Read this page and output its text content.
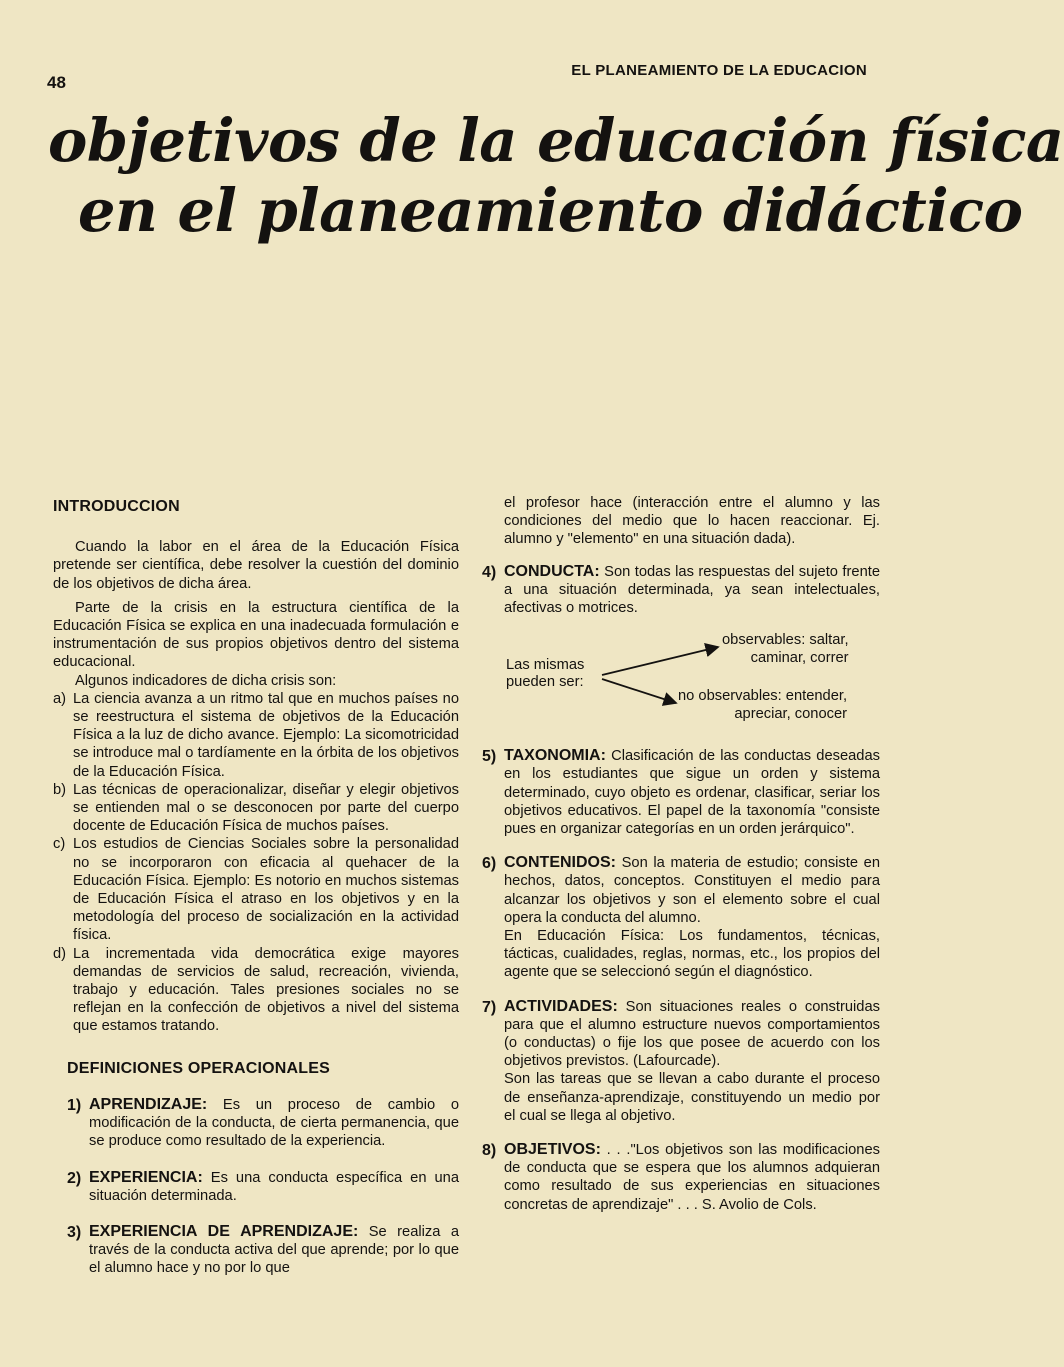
48
EL PLANEAMIENTO DE LA EDUCACION
objetivos de la educación física
en el planeamiento didáctico
INTRODUCCION

Cuando la labor en el área de la Educación Física pretende ser científica, debe resolver la cuestión del dominio de los objetivos de dicha área.

Parte de la crisis en la estructura científica de la Educación Física se explica en una inadecuada formulación e instrumentación de sus propios objetivos dentro del sistema educacional.

Algunos indicadores de dicha crisis son:

a) La ciencia avanza a un ritmo tal que en muchos países no se reestructura el sistema de objetivos de la Educación Física a la luz de dicho avance. Ejemplo: La sicomotricidad se introduce mal o tardíamente en la órbita de los objetivos de la Educación Física.
b) Las técnicas de operacionalizar, diseñar y elegir objetivos se entienden mal o se desconocen por parte del cuerpo docente de Educación Física de muchos países.
c) Los estudios de Ciencias Sociales sobre la personalidad no se incorporaron con eficacia al quehacer de la Educación Física. Ejemplo: Es notorio en muchos sistemas de Educación Física el atraso en los objetivos y en la metodología del proceso de socialización en la actividad física.
d) La incrementada vida democrática exige mayores demandas de servicios de salud, recreación, vivienda, trabajo y educación. Tales presiones sociales no se reflejan en la confección de objetivos a nivel del sistema que estamos tratando.
DEFINICIONES OPERACIONALES
1) APRENDIZAJE: Es un proceso de cambio o modificación de la conducta, de cierta permanencia, que se produce como resultado de la experiencia.

2) EXPERIENCIA: Es una conducta específica en una situación determinada.

3) EXPERIENCIA DE APRENDIZAJE: Se realiza a través de la conducta activa del que aprende; por lo que el alumno hace y no por lo que

el profesor hace (interacción entre el alumno y las condiciones del medio que lo hacen reaccionar. Ej. alumno y "elemento" en una situación dada).

4) CONDUCTA: Son todas las respuestas del sujeto frente a una situación determinada, ya sean intelectuales, afectivas o motrices.

Las mismas pueden ser:
observables: saltar,
caminar, correr
no observables: entender,
apreciar, conocer
5) TAXONOMIA: Clasificación de las conductas deseadas en los estudiantes que sigue un orden y sistema determinado, cuyo objeto es ordenar, clasificar, seriar los objetivos educativos. El papel de la taxonomía "consiste pues en organizar categorías en un orden jerárquico".

6) CONTENIDOS: Son la materia de estudio; consiste en hechos, datos, conceptos. Constituyen el medio para alcanzar los objetivos y son el elemento sobre el cual opera la conducta del alumno.

En Educación Física: Los fundamentos, técnicas, tácticas, cualidades, reglas, normas, etc., los propios del agente que se seleccionó según el diagnóstico.

7) ACTIVIDADES: Son situaciones reales o construidas para que el alumno estructure nuevos comportamientos (o conductas) o fije los que posee de acuerdo con los objetivos previstos. (Lafourcade).

Son las tareas que se llevan a cabo durante el proceso de enseñanza-aprendizaje, constituyendo un medio por el cual se llega al objetivo.

8) OBJETIVOS: . . ."Los objetivos son las modificaciones de conducta que se espera que los alumnos adquieran como resultado de sus experiencias en situaciones concretas de aprendizaje" . . . S. Avolio de Cols.
